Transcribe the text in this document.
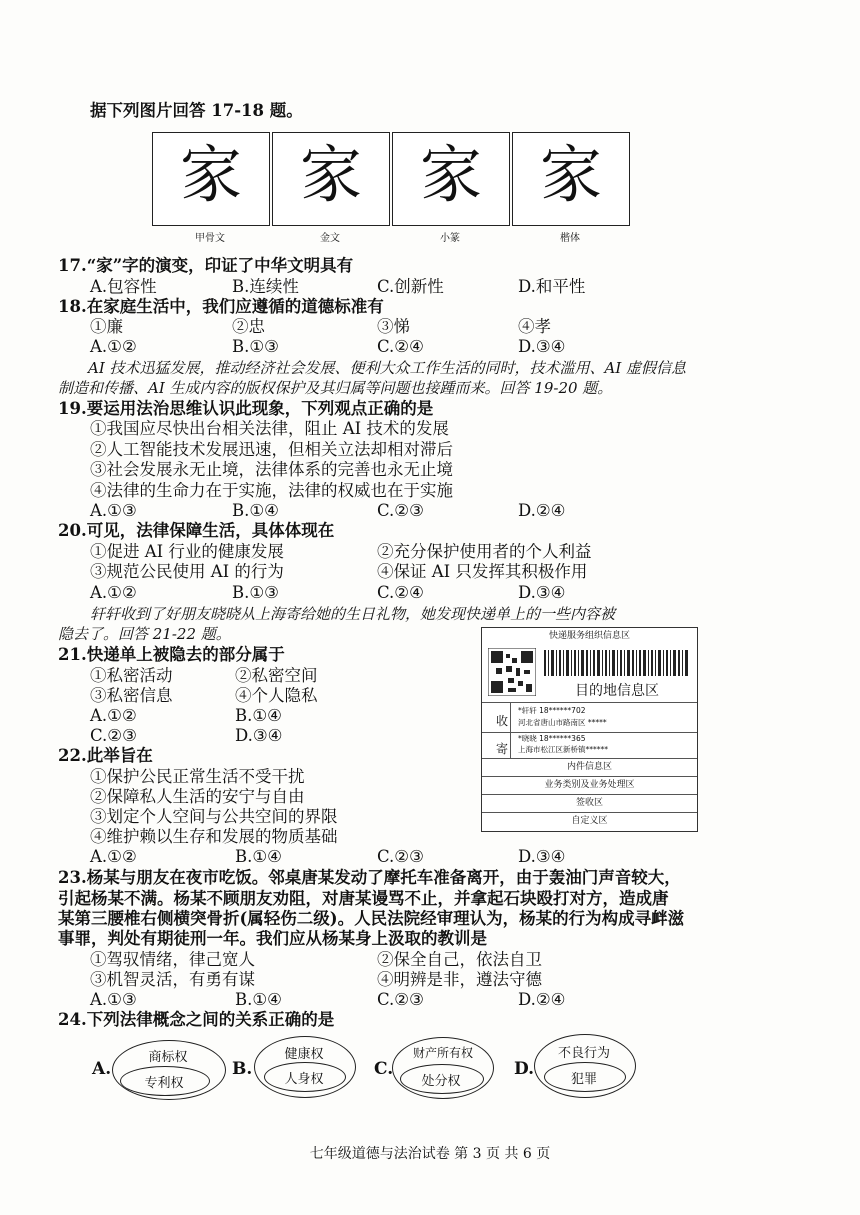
据下列图片回答 17-18 题。
家 家 家 家
甲骨文	金文	小篆	楷体
17.“家”字的演变，印证了中华文明具有
A.包容性	B.连续性	C.创新性	D.和平性
18.在家庭生活中，我们应遵循的道德标准有
①廉	②忠	③悌	④孝
A.①②	B.①③	C.②④	D.③④
AI 技术迅猛发展，推动经济社会发展、便利大众工作生活的同时，技术滥用、AI 虚假信息
制造和传播、AI 生成内容的版权保护及其归属等问题也接踵而来。回答 19-20 题。
19.要运用法治思维认识此现象，下列观点正确的是
①我国应尽快出台相关法律，阻止 AI 技术的发展
②人工智能技术发展迅速，但相关立法却相对滞后
③社会发展永无止境，法律体系的完善也永无止境
④法律的生命力在于实施，法律的权威也在于实施
A.①③	B.①④	C.②③	D.②④
20.可见，法律保障生活，具体体现在
①促进 AI 行业的健康发展	②充分保护使用者的个人利益
③规范公民使用 AI 的行为	④保证 AI 只发挥其积极作用
A.①②	B.①③	C.②④	D.③④
轩轩收到了好朋友晓晓从上海寄给她的生日礼物，她发现快递单上的一些内容被
隐去了。回答 21-22 题。
21.快递单上被隐去的部分属于
①私密活动	②私密空间
③私密信息	④个人隐私
A.①②	B.①④
C.②③	D.③④
快递服务组织信息区
目的地信息区
收
*轩轩 18******702
河北省唐山市路南区 *****
寄
*晓晓 18******365
上海市松江区新桥镇******
内件信息区
业务类别及业务处理区
签收区
自定义区
22.此举旨在
①保护公民正常生活不受干扰
②保障私人生活的安宁与自由
③划定个人空间与公共空间的界限
④维护赖以生存和发展的物质基础
A.①②	B.①④	C.②③	D.③④
23.杨某与朋友在夜市吃饭。邻桌唐某发动了摩托车准备离开，由于轰油门声音较大，
引起杨某不满。杨某不顾朋友劝阻，对唐某谩骂不止，并拿起石块殴打对方，造成唐
某第三腰椎右侧横突骨折(属轻伤二级)。人民法院经审理认为，杨某的行为构成寻衅滋
事罪，判处有期徒刑一年。我们应从杨某身上汲取的教训是
①驾驭情绪，律己宽人	②保全自己，依法自卫
③机智灵活，有勇有谋	④明辨是非，遵法守德
A.①③	B.①④	C.②③	D.②④
24.下列法律概念之间的关系正确的是
A.
商标权
专利权
B.
健康权
人身权
C.
财产所有权
处分权
D.
不良行为
犯罪
七年级道德与法治试卷 第 3 页 共 6 页
